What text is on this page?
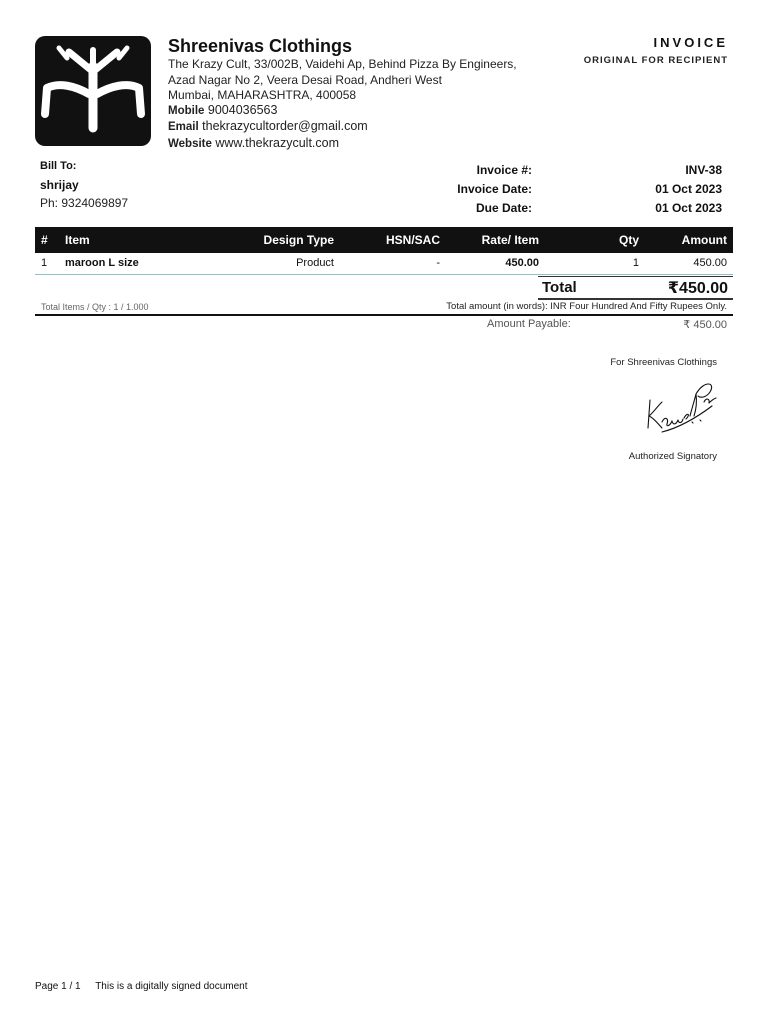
Shreenivas Clothings
The Krazy Cult, 33/002B, Vaidehi Ap, Behind Pizza By Engineers,
Azad Nagar No 2, Veera Desai Road, Andheri West
Mumbai, MAHARASHTRA, 400058
Mobile 9004036563
Email thekrazycultorder@gmail.com
Website www.thekrazycult.com
INVOICE
ORIGINAL FOR RECIPIENT
Bill To:
shrijay
Ph: 9324069897
Invoice #:	INV-38
Invoice Date:	01 Oct 2023
Due Date:	01 Oct 2023
#	Item	Design Type	HSN/SAC	Rate/ Item	Qty	Amount
1	maroon L size	Product	-	450.00	1	450.00
Total	₹450.00
Total Items / Qty : 1 / 1.000	Total amount (in words): INR Four Hundred And Fifty Rupees Only.
Amount Payable:	₹ 450.00
For Shreenivas Clothings
Authorized Signatory
Page 1 / 1 This is a digitally signed document
